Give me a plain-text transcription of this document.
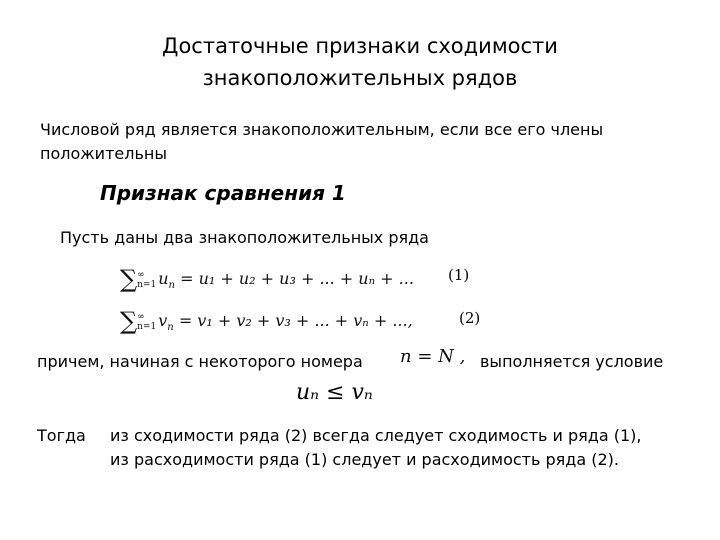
Достаточные признаки сходимости
знакоположительных рядов
Числовой ряд является знакоположительным, если все его члены
положительны
Признак сравнения 1
Пусть даны два знакоположительных ряда
∑ ∞
n=1 $u_n = u_1 + u_2 + u_3$ + ... + uₙ + ... (1)
∑ ∞
n=1 $v_n = v_1 + v_2 + v_3$ + ... + vₙ + ...,	(2)
причем, начиная с некоторого номера n = N , выполняется условие
uₙ ≤ vₙ
Тогда из сходимости ряда (2) всегда следует сходимость и ряда (1),
из расходимости ряда (1) следует и расходимость ряда (2).
